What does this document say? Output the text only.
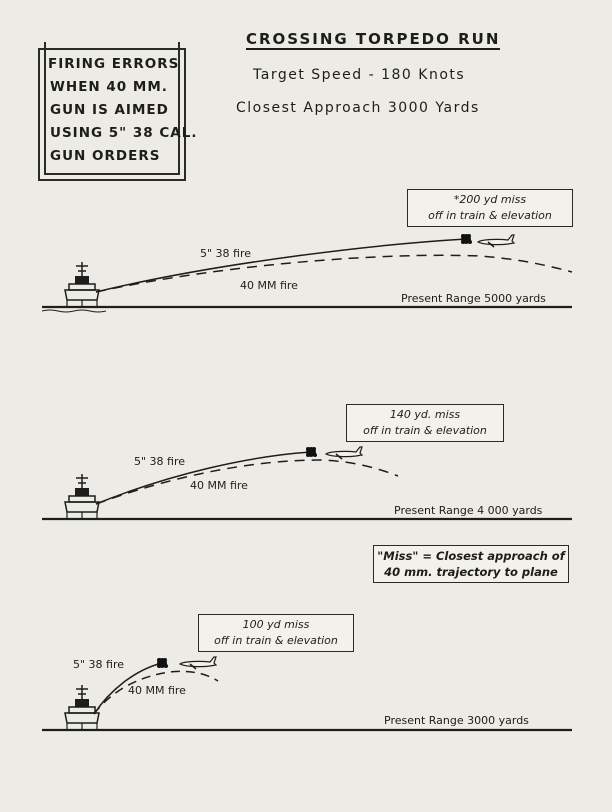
CROSSING TORPEDO RUN
Target Speed - 180 Knots
Closest Approach 3000 Yards
FIRING ERRORS
WHEN 40 MM.
GUN IS AIMED
USING 5" 38 CAL.
GUN ORDERS
*200 yd miss
off in train & elevation
5" 38 fire
40 MM fire
Present Range 5000 yards
140 yd. miss
off in train & elevation
5" 38 fire
40 MM fire
Present Range 4 000 yards
"Miss" = Closest approach of
40 mm. trajectory to plane
100 yd miss
off in train & elevation
5" 38 fire
40 MM fire
Present Range 3000 yards
